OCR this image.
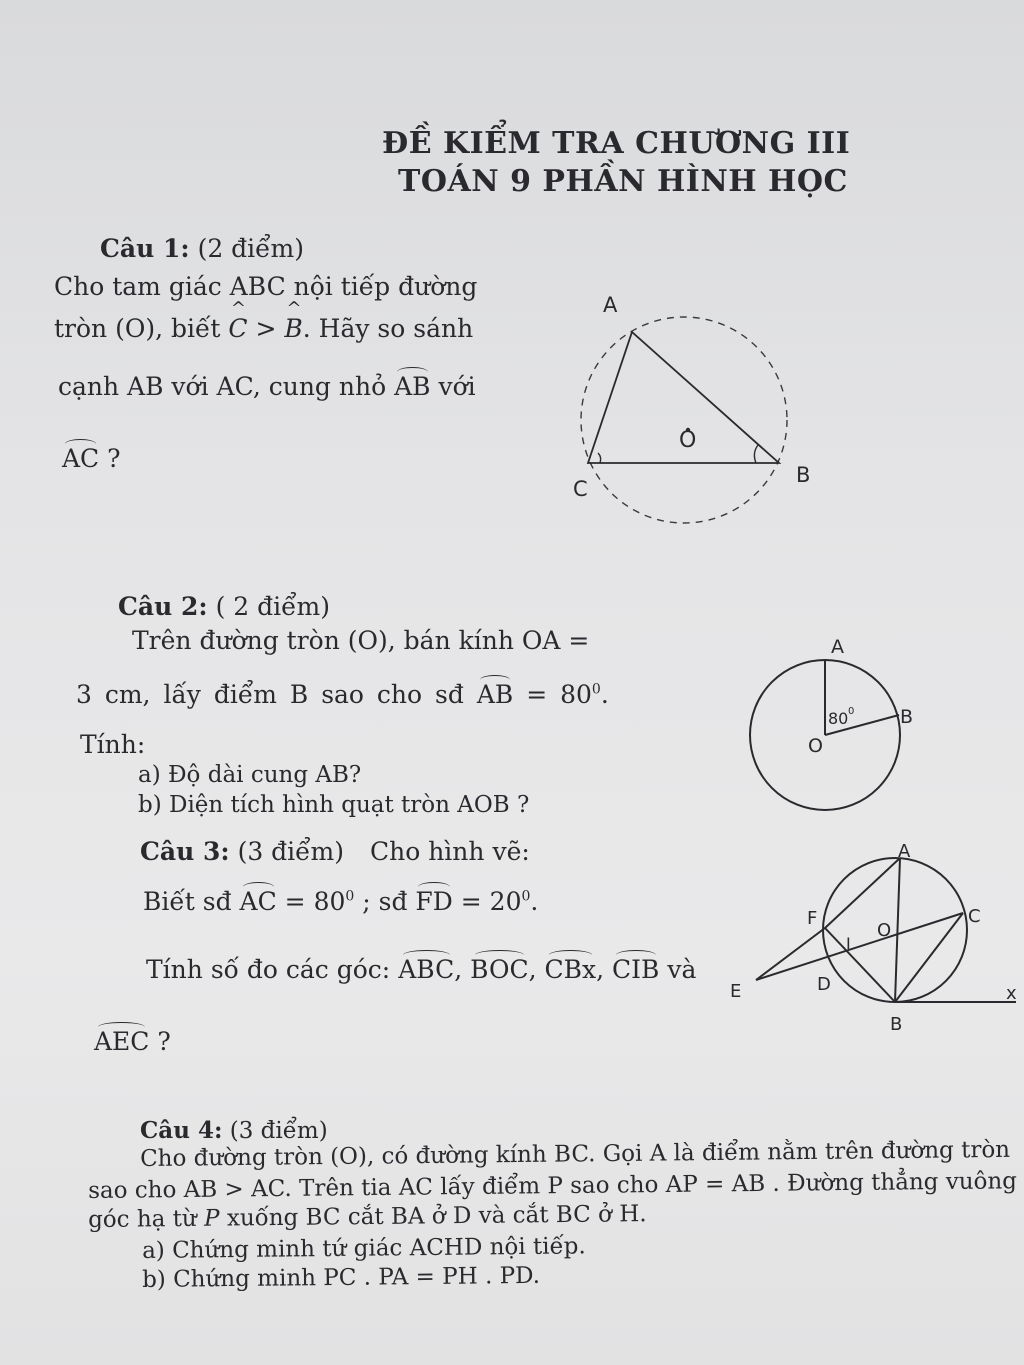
ĐỀ KIỂM TRA CHƯƠNG III
TOÁN 9 PHẦN HÌNH HỌC
Câu 1: (2 điểm)
Cho tam giác ABC nội tiếp đường
tròn (O), biết ^ C > ^ B. Hãy so sánh
cạnh AB với AC, cung nhỏ AB với
AC ?
A
B
C
O
Câu 2: ( 2 điểm)
Trên đường tròn (O), bán kính OA =
3 cm, lấy điểm B sao cho sđ AB = $80^0$.
Tính:
a) Độ dài cung AB?
b) Diện tích hình quạt tròn AOB ?
A
B
O
80 0
Câu 3: (3 điểm) Cho hình vẽ:
Biết sđ AC = $80^0$ ; sđ FD = $20^0$.
Tính số đo các góc: ABC, BOC, CBx, CIB và
AEC ?
A
B
C
D
E
F
O
I
x
Câu 4: (3 điểm)
Cho đường tròn (O), có đường kính BC. Gọi A là điểm nằm trên đường tròn
sao cho AB > AC. Trên tia AC lấy điểm P sao cho AP = AB . Đường thẳng vuông
góc hạ từ P xuống BC cắt BA ở D và cắt BC ở H.
a) Chứng minh tứ giác ACHD nội tiếp.
b) Chứng minh PC . PA = PH . PD.
